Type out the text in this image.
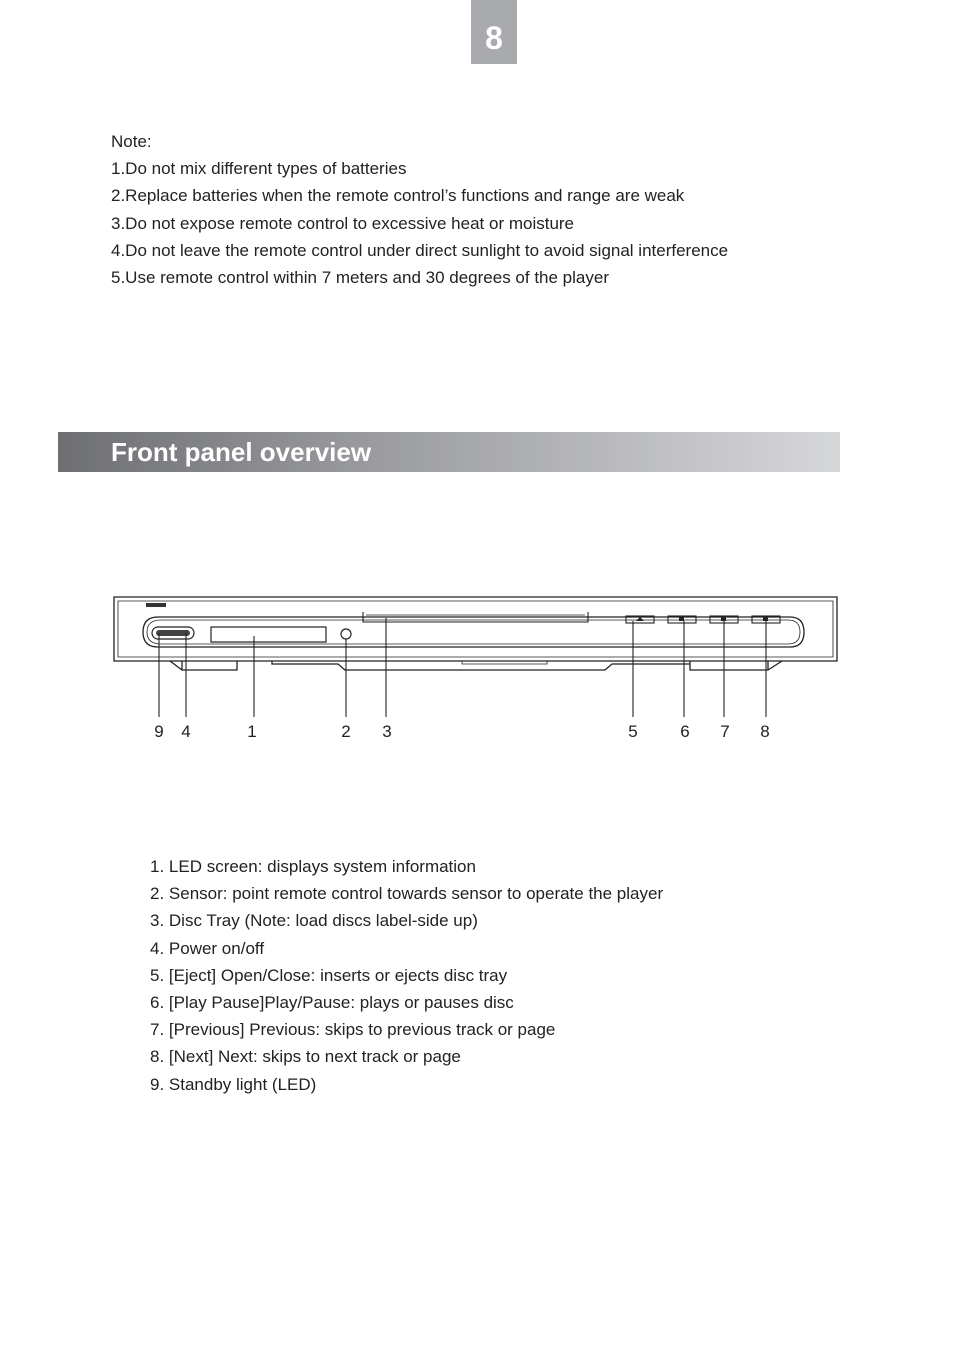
8
Note:
1.Do not mix different types of batteries
2.Replace batteries when the remote control’s functions and range are weak
3.Do not expose remote control to excessive heat or moisture
4.Do not leave the remote control under direct sunlight to avoid signal interference
5.Use remote control within 7 meters and 30 degrees of the player
Front panel overview
9	4	1	2	3	5	6	7	8
1. LED screen: displays system information
2. Sensor: point remote control towards sensor to operate the player
3. Disc Tray (Note: load discs label-side up)
4. Power on/off
5. [Eject] Open/Close: inserts or ejects disc tray
6. [Play Pause]Play/Pause: plays or pauses disc
7. [Previous] Previous: skips to previous track or page
8. [Next] Next: skips to next track or page
9. Standby light (LED)
